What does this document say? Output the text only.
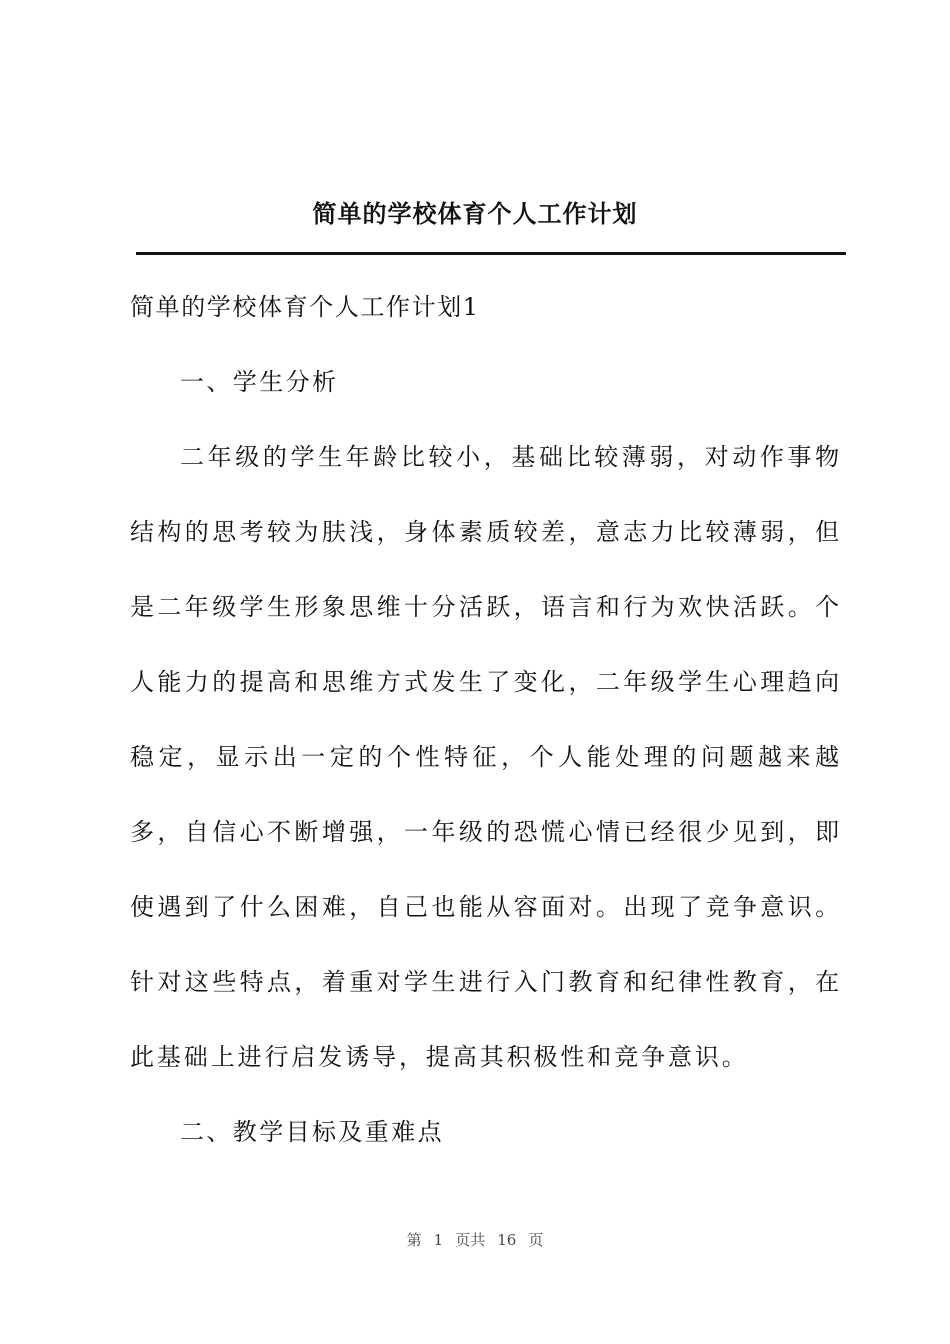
简单的学校体育个人工作计划

简单的学校体育个人工作计划1

一、学生分析

二年级的学生年龄比较小，基础比较薄弱，对动作事物结构的思考较为肤浅，身体素质较差，意志力比较薄弱，但是二年级学生形象思维十分活跃，语言和行为欢快活跃。个人能力的提高和思维方式发生了变化，二年级学生心理趋向稳定，显示出一定的个性特征，个人能处理的问题越来越多，自信心不断增强，一年级的恐慌心情已经很少见到，即使遇到了什么困难，自己也能从容面对。出现了竞争意识。针对这些特点，着重对学生进行入门教育和纪律性教育，在此基础上进行启发诱导，提高其积极性和竞争意识。

二、教学目标及重难点

第 1 页共 16 页
